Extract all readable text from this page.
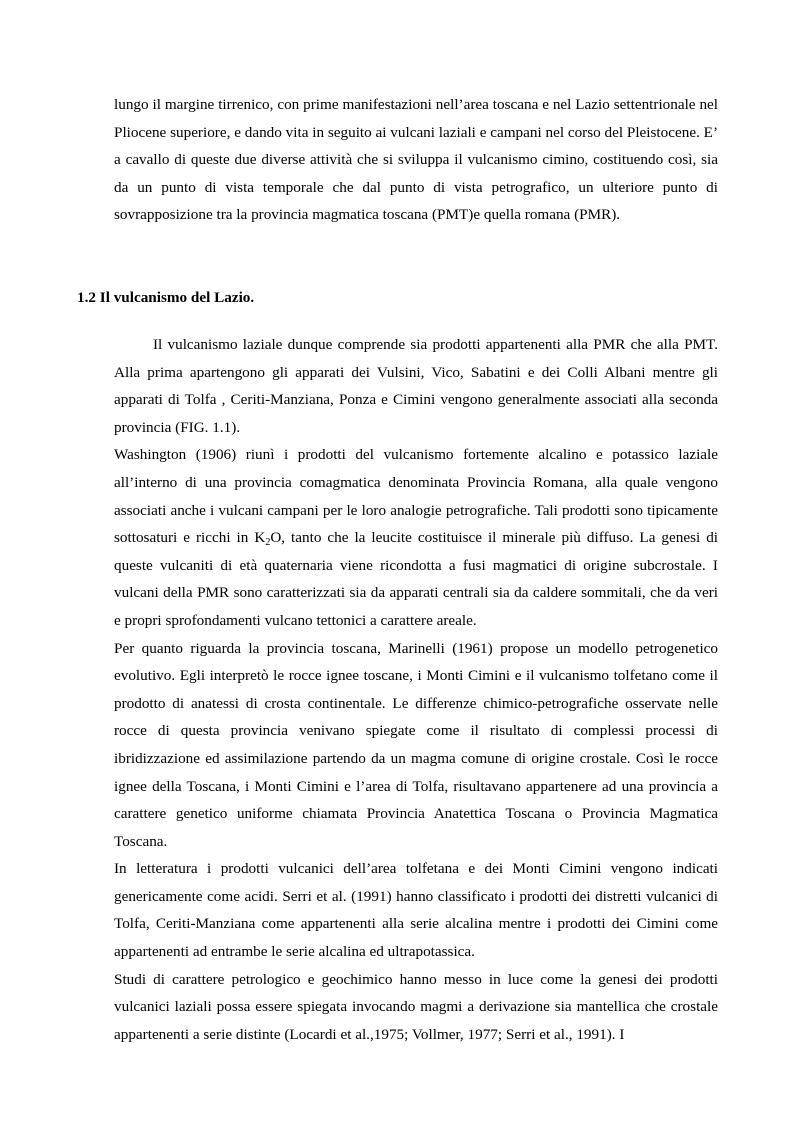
lungo il margine tirrenico, con prime manifestazioni nell’area toscana e nel Lazio settentrionale nel Pliocene superiore, e dando vita in seguito ai vulcani laziali e campani nel corso del Pleistocene. E’ a cavallo di queste due diverse attività che si sviluppa il vulcanismo cimino, costituendo così, sia da un punto di vista temporale che dal punto di vista petrografico, un ulteriore punto di sovrapposizione tra la provincia magmatica toscana (PMT)e quella romana (PMR).

1.2 Il vulcanismo del Lazio.

Il vulcanismo laziale dunque comprende sia prodotti appartenenti alla PMR che alla PMT. Alla prima apartengono gli apparati dei Vulsini, Vico, Sabatini e dei Colli Albani mentre gli apparati di Tolfa , Ceriti-Manziana, Ponza e Cimini vengono generalmente associati alla seconda provincia (FIG. 1.1).

Washington (1906) riunì i prodotti del vulcanismo fortemente alcalino e potassico laziale all’interno di una provincia comagmatica denominata Provincia Romana, alla quale vengono associati anche i vulcani campani per le loro analogie petrografiche. Tali prodotti sono tipicamente sottosaturi e ricchi in $K_2O$, tanto che la leucite costituisce il minerale più diffuso. La genesi di queste vulcaniti di età quaternaria viene ricondotta a fusi magmatici di origine subcrostale. I vulcani della PMR sono caratterizzati sia da apparati centrali sia da caldere sommitali, che da veri e propri sprofondamenti vulcano tettonici a carattere areale.

Per quanto riguarda la provincia toscana, Marinelli (1961) propose un modello petrogenetico evolutivo. Egli interpretò le rocce ignee toscane, i Monti Cimini e il vulcanismo tolfetano come il prodotto di anatessi di crosta continentale. Le differenze chimico-petrografiche osservate nelle rocce di questa provincia venivano spiegate come il risultato di complessi processi di ibridizzazione ed assimilazione partendo da un magma comune di origine crostale. Così le rocce ignee della Toscana, i Monti Cimini e l’area di Tolfa, risultavano appartenere ad una provincia a carattere genetico uniforme chiamata Provincia Anatettica Toscana o Provincia Magmatica Toscana.

In letteratura i prodotti vulcanici dell’area tolfetana e dei Monti Cimini vengono indicati genericamente come acidi. Serri et al. (1991) hanno classificato i prodotti dei distretti vulcanici di Tolfa, Ceriti-Manziana come appartenenti alla serie alcalina mentre i prodotti dei Cimini come appartenenti ad entrambe le serie alcalina ed ultrapotassica.

Studi di carattere petrologico e geochimico hanno messo in luce come la genesi dei prodotti vulcanici laziali possa essere spiegata invocando magmi a derivazione sia mantellica che crostale appartenenti a serie distinte (Locardi et al.,1975; Vollmer, 1977; Serri et al., 1991). I
